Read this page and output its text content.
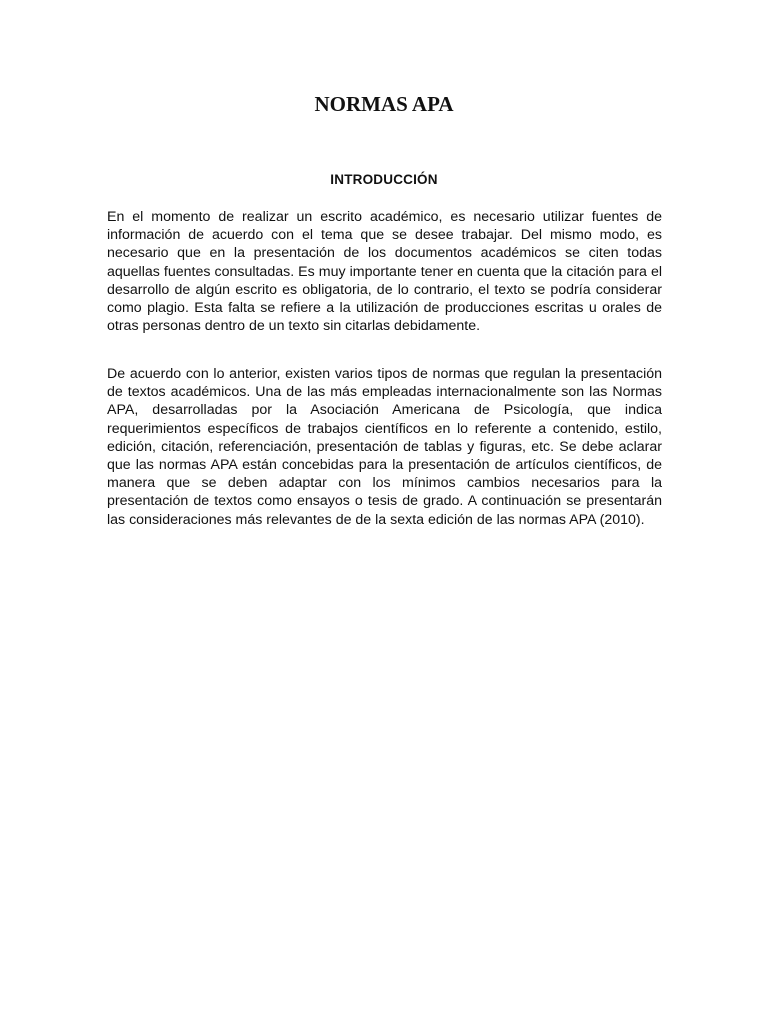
NORMAS APA
INTRODUCCIÓN

En el momento de realizar un escrito académico, es necesario utilizar fuentes de información de acuerdo con el tema que se desee trabajar. Del mismo modo, es necesario que en la presentación de los documentos académicos se citen todas aquellas fuentes consultadas. Es muy importante tener en cuenta que la citación para el desarrollo de algún escrito es obligatoria, de lo contrario, el texto se podría considerar como plagio. Esta falta se refiere a la utilización de producciones escritas u orales de otras personas dentro de un texto sin citarlas debidamente.

De acuerdo con lo anterior, existen varios tipos de normas que regulan la presentación de textos académicos. Una de las más empleadas internacionalmente son las Normas APA, desarrolladas por la Asociación Americana de Psicología, que indica requerimientos específicos de trabajos científicos en lo referente a contenido, estilo, edición, citación, referenciación, presentación de tablas y figuras, etc. Se debe aclarar que las normas APA están concebidas para la presentación de artículos científicos, de manera que se deben adaptar con los mínimos cambios necesarios para la presentación de textos como ensayos o tesis de grado. A continuación se presentarán las consideraciones más relevantes de de la sexta edición de las normas APA (2010).
